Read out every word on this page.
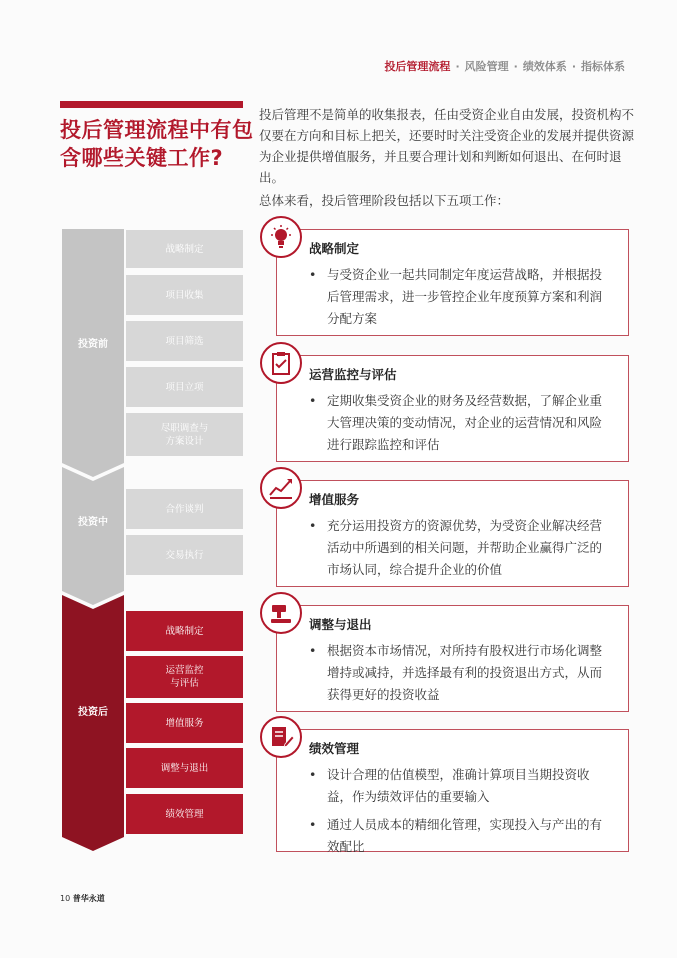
投后管理流程 · 风险管理 · 绩效体系 · 指标体系
投后管理流程中有包含哪些关键工作?
投后管理不是简单的收集报表，任由受资企业自由发展，投资机构不仅要在方向和目标上把关，还要时时关注受资企业的发展并提供资源为企业提供增值服务，并且要合理计划和判断如何退出、在何时退出。
总体来看，投后管理阶段包括以下五项工作：
投资前
投资中
投资后
战略制定
项目收集
项目筛选
项目立项
尽职调查与
方案设计
合作谈判
交易执行
战略制定
运营监控
与评估
增值服务
调整与退出
绩效管理
战略制定
• 与受资企业一起共同制定年度运营战略，并根据投后管理需求，进一步管控企业年度预算方案和利润分配方案
运营监控与评估
• 定期收集受资企业的财务及经营数据，了解企业重大管理决策的变动情况，对企业的运营情况和风险进行跟踪监控和评估
增值服务
• 充分运用投资方的资源优势，为受资企业解决经营活动中所遇到的相关问题，并帮助企业赢得广泛的市场认同，综合提升企业的价值
调整与退出
• 根据资本市场情况，对所持有股权进行市场化调整增持或减持，并选择最有利的投资退出方式，从而获得更好的投资收益
绩效管理
• 设计合理的估值模型，准确计算项目当期投资收益，作为绩效评估的重要输入
• 通过人员成本的精细化管理，实现投入与产出的有效配比
10 普华永道
